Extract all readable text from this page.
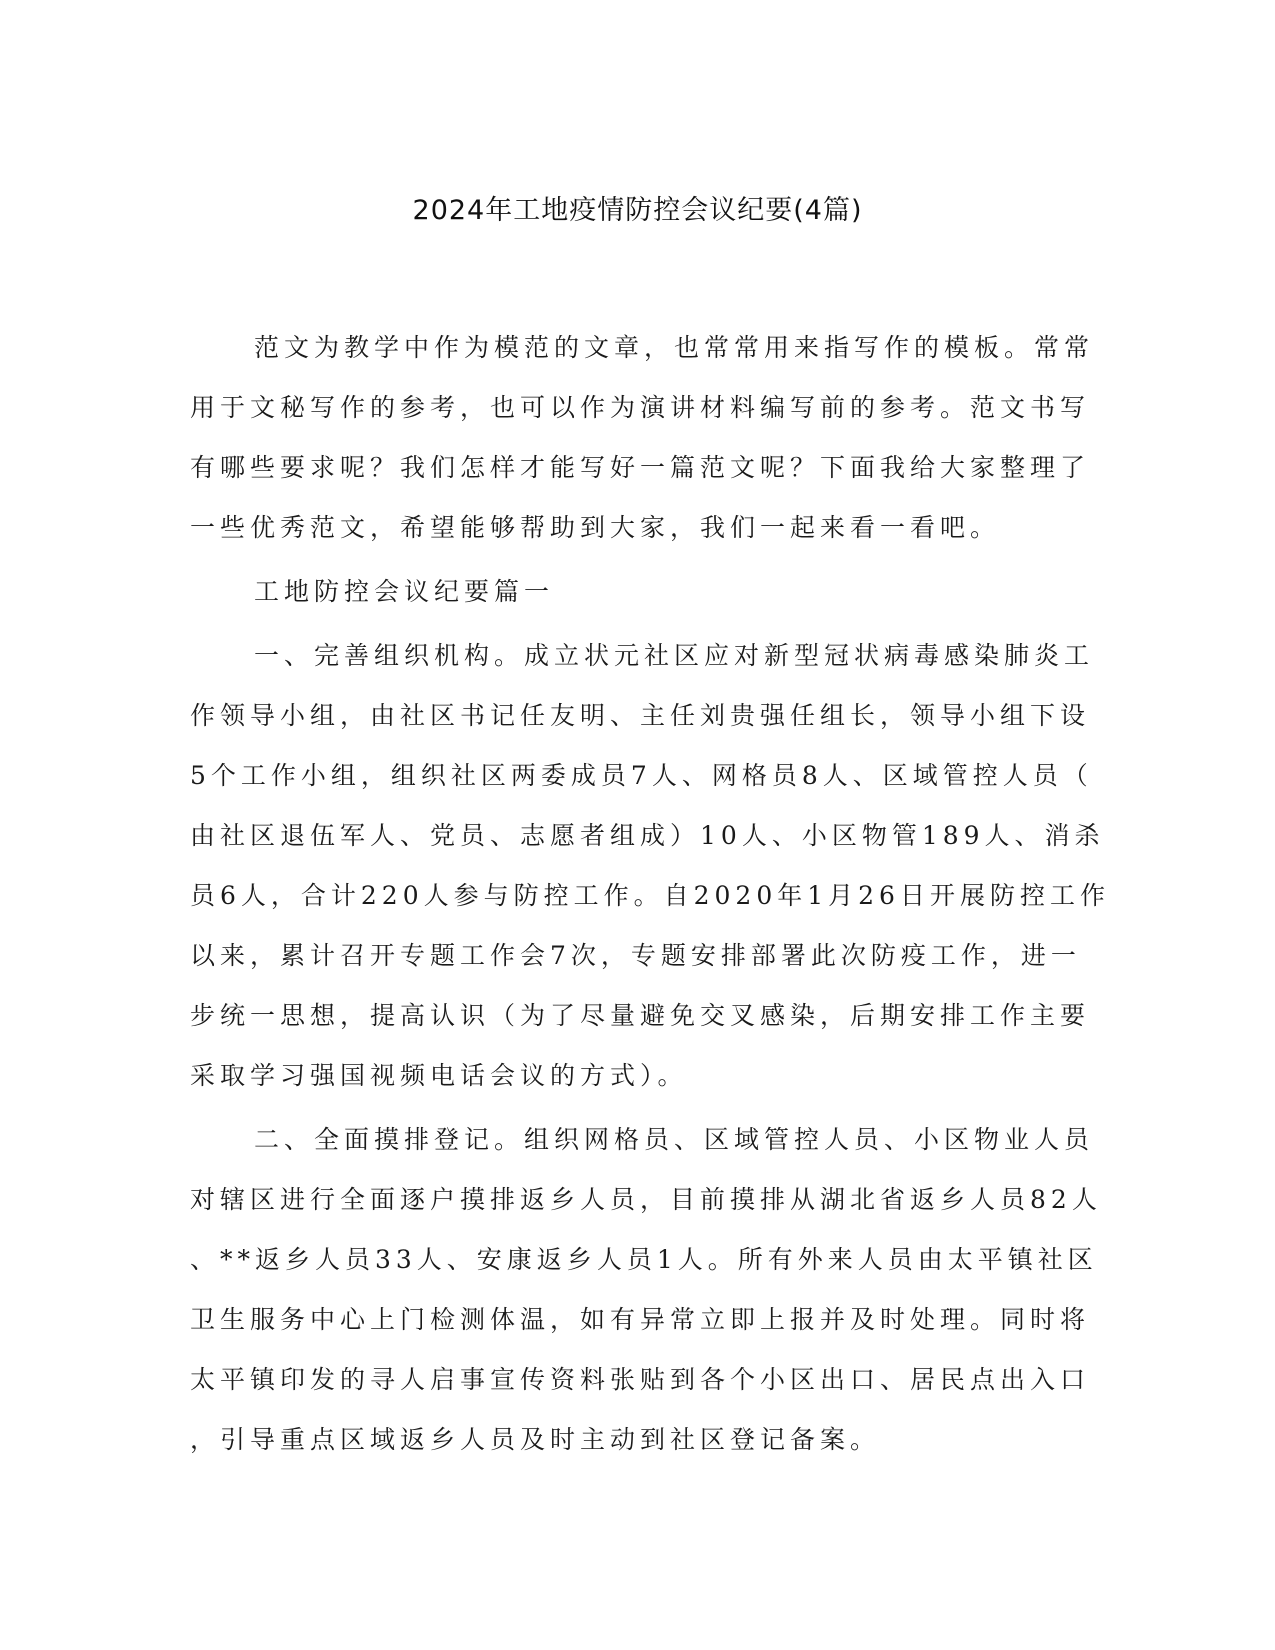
2024年工地疫情防控会议纪要(4篇)

范文为教学中作为模范的文章，也常常用来指写作的模板。常常
用于文秘写作的参考，也可以作为演讲材料编写前的参考。范文书写
有哪些要求呢？我们怎样才能写好一篇范文呢？下面我给大家整理了
一些优秀范文，希望能够帮助到大家，我们一起来看一看吧。

工地防控会议纪要篇一

一、完善组织机构。成立状元社区应对新型冠状病毒感染肺炎工
作领导小组，由社区书记任友明、主任刘贵强任组长，领导小组下设
5个工作小组，组织社区两委成员7人、网格员8人、区域管控人员（
由社区退伍军人、党员、志愿者组成）10人、小区物管189人、消杀
员6人，合计220人参与防控工作。自2020年1月26日开展防控工作
以来，累计召开专题工作会7次，专题安排部署此次防疫工作，进一
步统一思想，提高认识（为了尽量避免交叉感染，后期安排工作主要
采取学习强国视频电话会议的方式）。

二、全面摸排登记。组织网格员、区域管控人员、小区物业人员
对辖区进行全面逐户摸排返乡人员，目前摸排从湖北省返乡人员82人
、**返乡人员33人、安康返乡人员1人。所有外来人员由太平镇社区
卫生服务中心上门检测体温，如有异常立即上报并及时处理。同时将
太平镇印发的寻人启事宣传资料张贴到各个小区出口、居民点出入口
，引导重点区域返乡人员及时主动到社区登记备案。
